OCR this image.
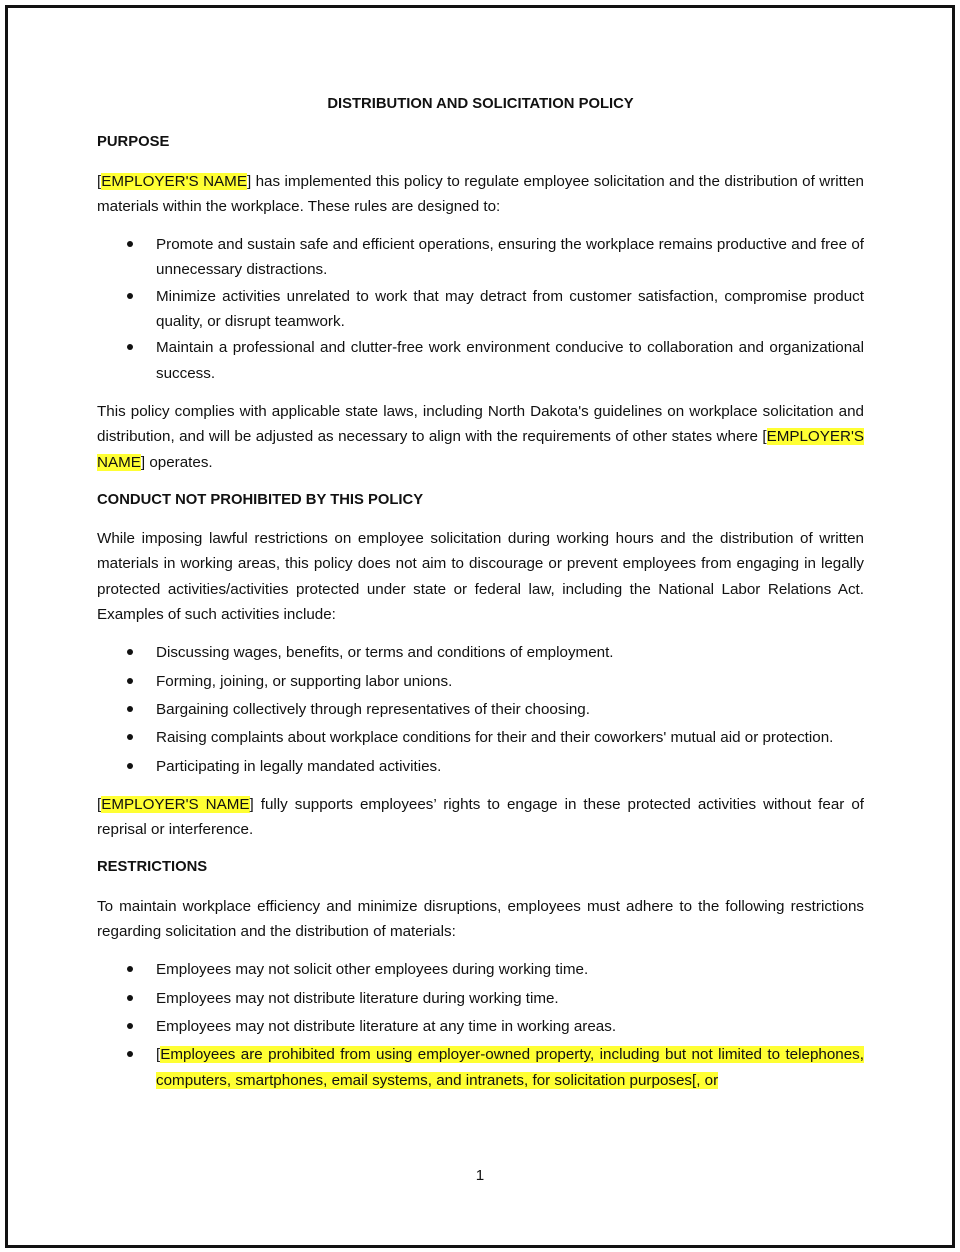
DISTRIBUTION AND SOLICITATION POLICY
PURPOSE

[EMPLOYER'S NAME] has implemented this policy to regulate employee solicitation and the distribution of written materials within the workplace. These rules are designed to:

Promote and sustain safe and efficient operations, ensuring the workplace remains productive and free of unnecessary distractions.
Minimize activities unrelated to work that may detract from customer satisfaction, compromise product quality, or disrupt teamwork.
Maintain a professional and clutter-free work environment conducive to collaboration and organizational success.

This policy complies with applicable state laws, including North Dakota's guidelines on workplace solicitation and distribution, and will be adjusted as necessary to align with the requirements of other states where [EMPLOYER'S NAME] operates.

CONDUCT NOT PROHIBITED BY THIS POLICY

While imposing lawful restrictions on employee solicitation during working hours and the distribution of written materials in working areas, this policy does not aim to discourage or prevent employees from engaging in legally protected activities/activities protected under state or federal law, including the National Labor Relations Act. Examples of such activities include:

Discussing wages, benefits, or terms and conditions of employment.
Forming, joining, or supporting labor unions.
Bargaining collectively through representatives of their choosing.
Raising complaints about workplace conditions for their and their coworkers' mutual aid or protection.
Participating in legally mandated activities.

[EMPLOYER'S NAME] fully supports employees’ rights to engage in these protected activities without fear of reprisal or interference.

RESTRICTIONS

To maintain workplace efficiency and minimize disruptions, employees must adhere to the following restrictions regarding solicitation and the distribution of materials:

Employees may not solicit other employees during working time.
Employees may not distribute literature during working time.
Employees may not distribute literature at any time in working areas.
[Employees are prohibited from using employer-owned property, including but not limited to telephones, computers, smartphones, email systems, and intranets, for solicitation purposes[, or
1
